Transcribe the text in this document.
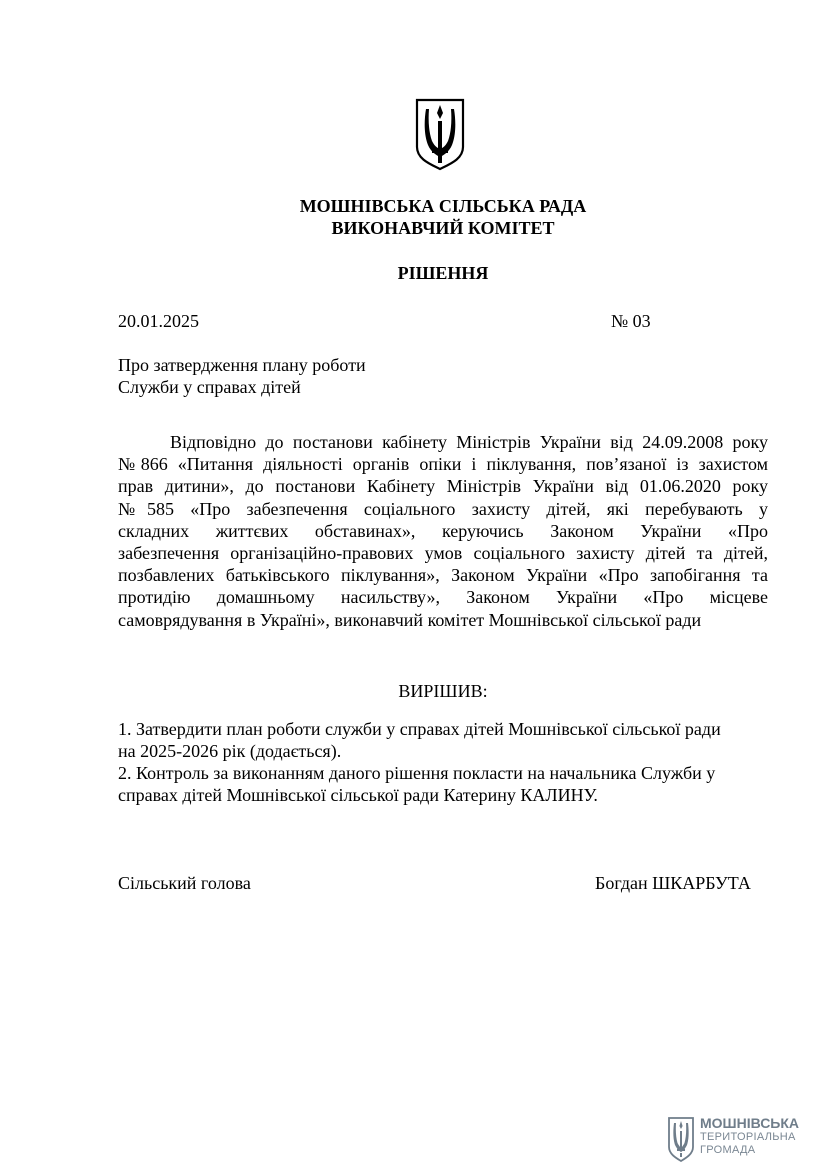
МОШНІВСЬКА СІЛЬСЬКА РАДА
ВИКОНАВЧИЙ КОМІТЕТ
РІШЕННЯ
20.01.2025	№ 03
Про затвердження плану роботи
Служби у справах дітей
Відповідно до постанови кабінету Міністрів України від 24.09.2008 року
№866 «Питання діяльності органів опіки і піклування, пов’язаної із захистом
прав дитини», до постанови Кабінету Міністрів України від 01.06.2020 року
№585 «Про забезпечення соціального захисту дітей, які перебувають у
складних життєвих обставинах», керуючись Законом України «Про
забезпечення організаційно-правових умов соціального захисту дітей та дітей,
позбавлених батьківського піклування», Законом України «Про запобігання та
протидію домашньому насильству», Законом України «Про місцеве
самоврядування в Україні», виконавчий комітет Мошнівської сільської ради
ВИРІШИВ:
1. Затвердити план роботи служби у справах дітей Мошнівської сільської ради
на 2025-2026 рік (додається).
2. Контроль за виконанням даного рішення покласти на начальника Служби у
справах дітей Мошнівської сільської ради Катерину КАЛИНУ.
Сільський голова	Богдан ШКАРБУТА
МОШНІВСЬКА
ТЕРИТОРІАЛЬНА
ГРОМАДА
